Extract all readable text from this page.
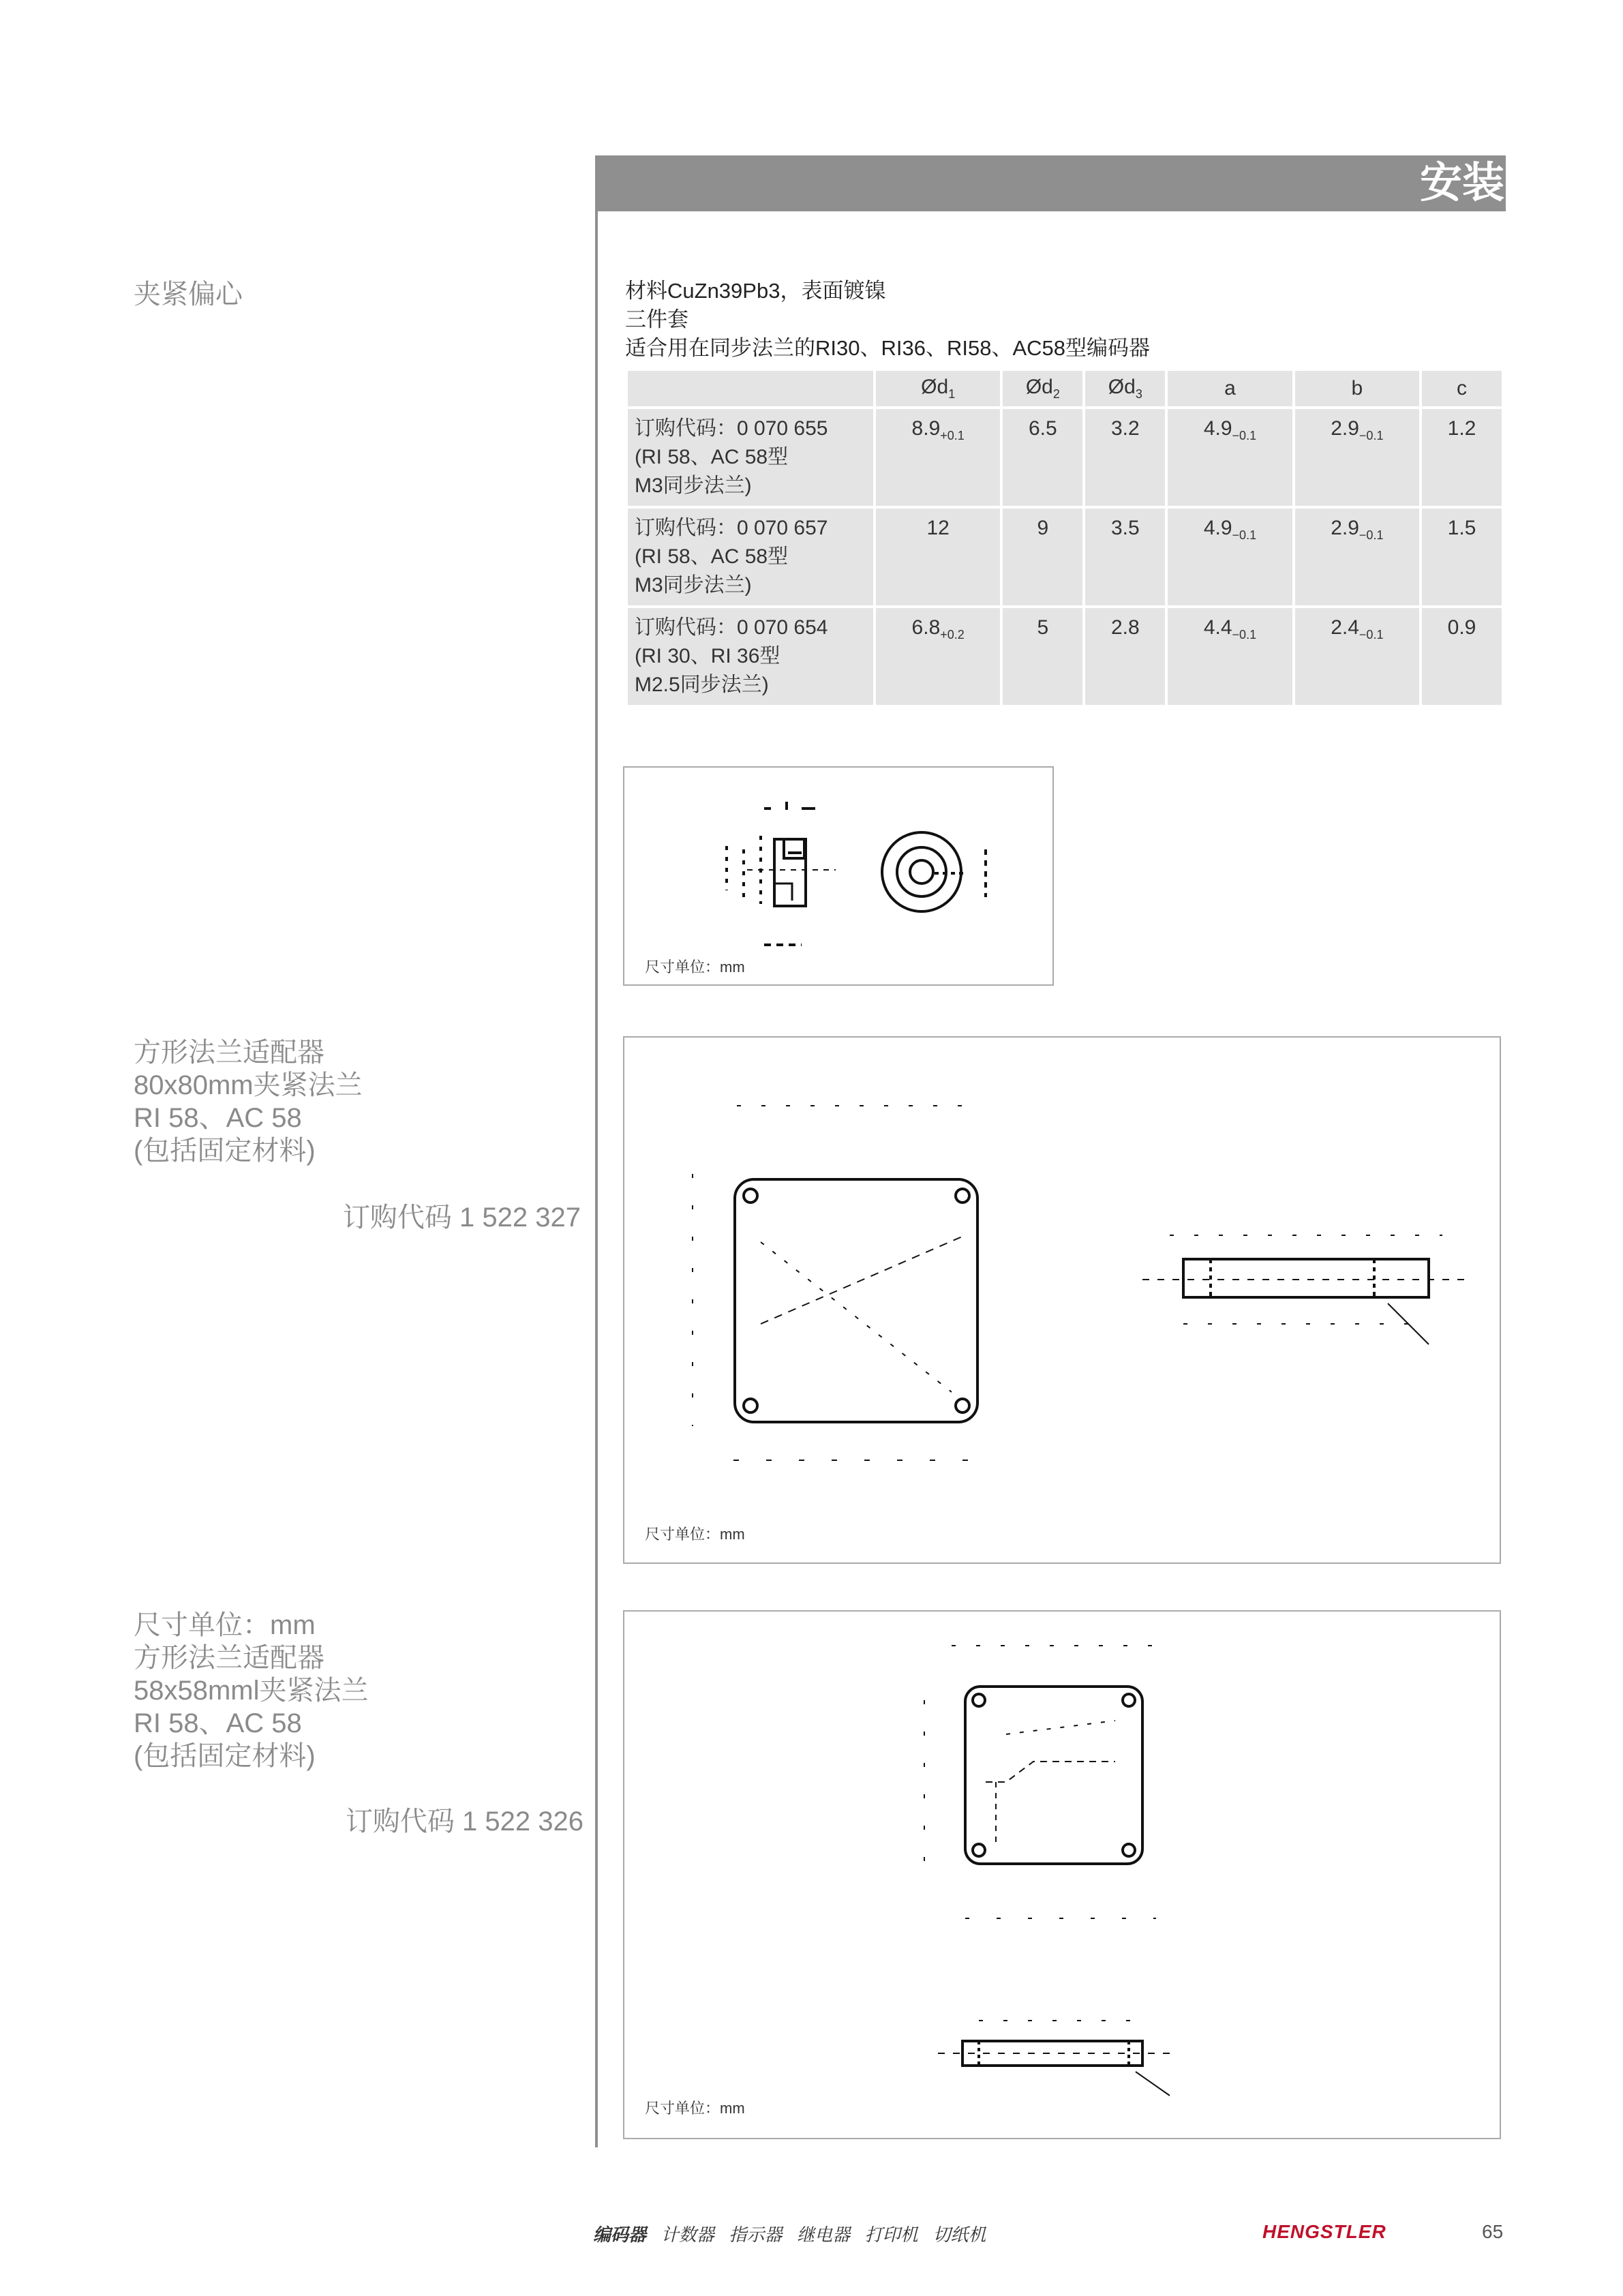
安装
夹紧偏心
方形法兰适配器
80x80mm夹紧法兰
RI 58、AC 58
(包括固定材料)
订购代码 1 522 327
尺寸单位：mm
方形法兰适配器
58x58mml夹紧法兰
RI 58、AC 58
(包括固定材料)
订购代码 1 522 326
材料CuZn39Pb3，表面镀镍
三件套
适合用在同步法兰的RI30、RI36、RI58、AC58型编码器
	$Ød_1$	$Ød_2$	$Ød_3$	a	b	c
订购代码：0 070 655
(RI 58、AC 58型
M3同步法兰)	$8.9_{+0.1}$	6.5	3.2	$4.9_{-0.1}$	$2.9_{-0.1}$	1.2
订购代码：0 070 657
(RI 58、AC 58型
M3同步法兰)	12	9	3.5	$4.9_{-0.1}$	$2.9_{-0.1}$	1.5
订购代码：0 070 654
(RI 30、RI 36型
M2.5同步法兰)	$6.8_{+0.2}$	5	2.8	$4.4_{-0.1}$	$2.4_{-0.1}$	0.9
尺寸单位：mm
尺寸单位：mm
尺寸单位：mm
编码器 计数器 指示器 继电器 打印机 切纸机	HENGSTLER	65
